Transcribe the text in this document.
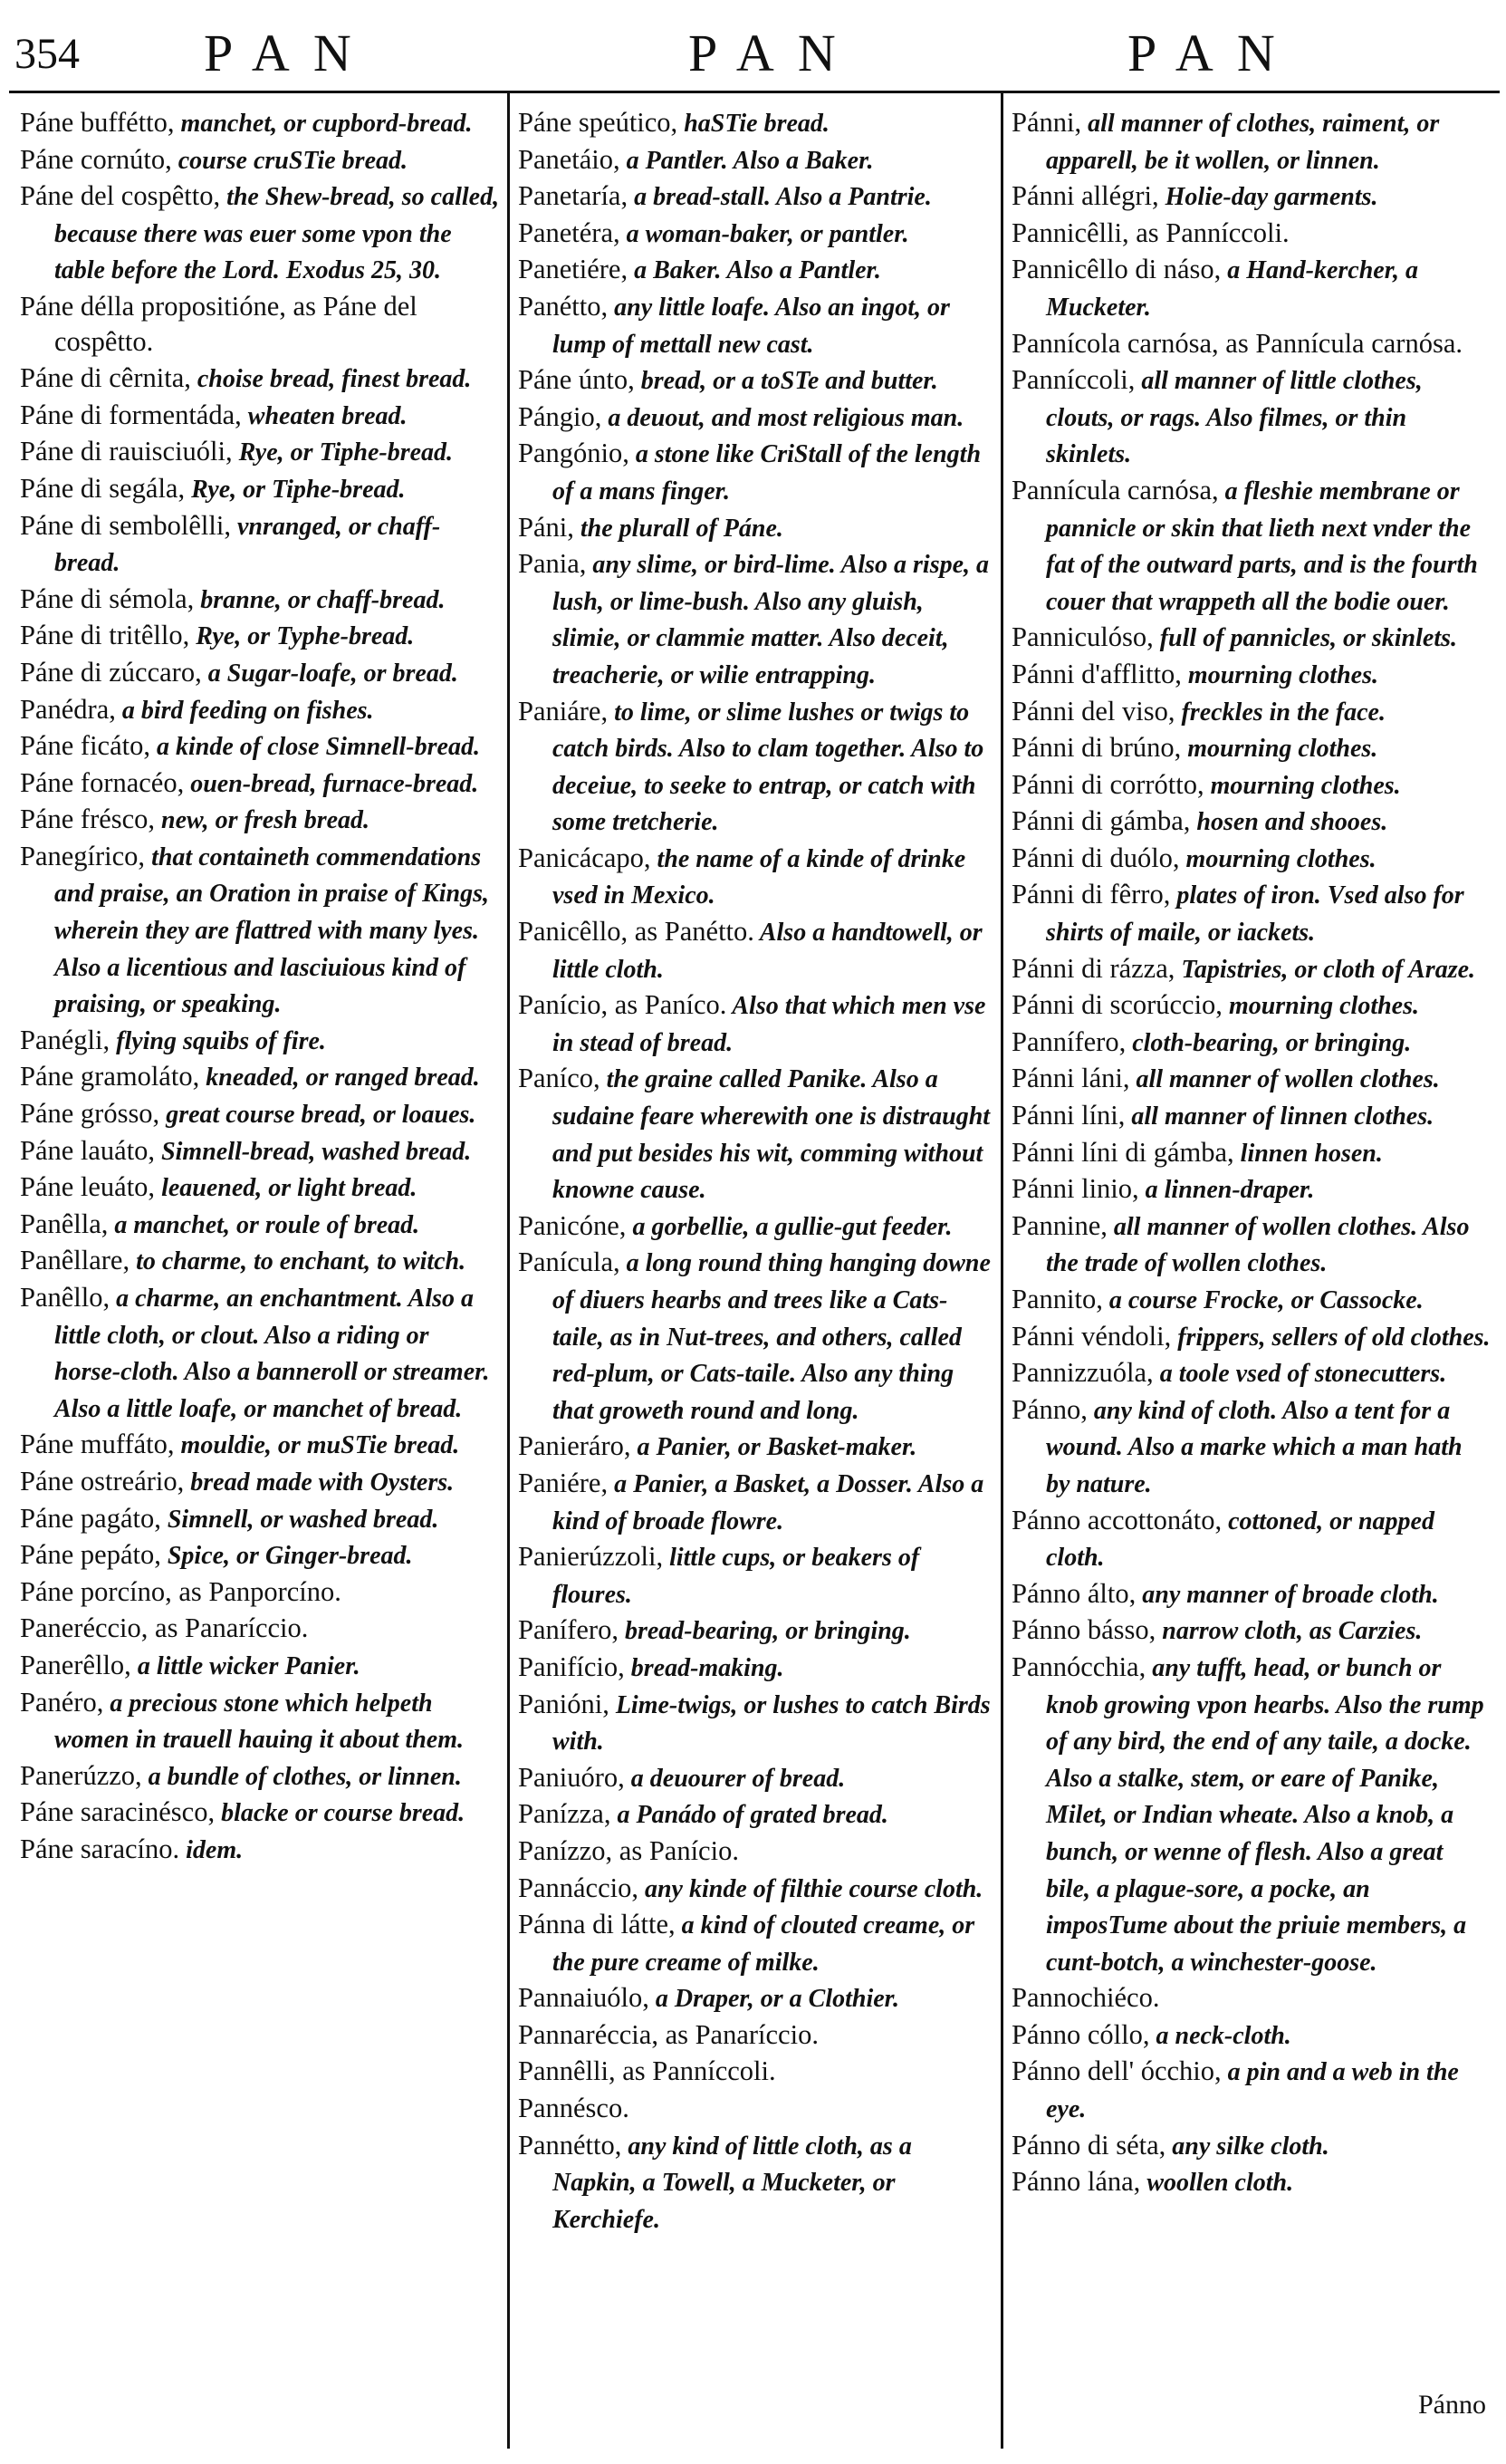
354 PAN	PAN	PAN

Páne buffétto, manchet, or cupbord-bread.

Páne cornúto, course cruSTie bread.

Páne del cospêtto, the Shew-bread, so called, because there was euer some vpon the table before the Lord. Exodus 25, 30.

Páne délla propositióne, as Páne del cospêtto.

Páne di cêrnita, choise bread, finest bread.

Páne di formentáda, wheaten bread.

Páne di rauisciuóli, Rye, or Tiphe-bread.

Páne di segála, Rye, or Tiphe-bread.

Páne di sembolêlli, vnranged, or chaff-bread.

Páne di sémola, branne, or chaff-bread.

Páne di tritêllo, Rye, or Typhe-bread.

Páne di zúccaro, a Sugar-loafe, or bread.

Panédra, a bird feeding on fishes.

Páne ficáto, a kinde of close Simnell-bread.

Páne fornacéo, ouen-bread, furnace-bread.

Páne frésco, new, or fresh bread.

Panegírico, that containeth commendations and praise, an Oration in praise of Kings, wherein they are flattred with many lyes. Also a licentious and lasciuious kind of praising, or speaking.

Panégli, flying squibs of fire.

Páne gramoláto, kneaded, or ranged bread.

Páne grósso, great course bread, or loaues.

Páne lauáto, Simnell-bread, washed bread.

Páne leuáto, leauened, or light bread.

Panêlla, a manchet, or roule of bread.

Panêllare, to charme, to enchant, to witch.

Panêllo, a charme, an enchantment. Also a little cloth, or clout. Also a riding or horse-cloth. Also a banneroll or streamer. Also a little loafe, or manchet of bread.

Páne muffáto, mouldie, or muSTie bread.

Páne ostreário, bread made with Oysters.

Páne pagáto, Simnell, or washed bread.

Páne pepáto, Spice, or Ginger-bread.

Páne porcíno, as Panporcíno.

Paneréccio, as Panaríccio.

Panerêllo, a little wicker Panier.

Panéro, a precious stone which helpeth women in trauell hauing it about them.

Panerúzzo, a bundle of clothes, or linnen.

Páne saracinésco, blacke or course bread.

Páne saracíno. idem.

Páne speútico, haSTie bread.

Panetáio, a Pantler. Also a Baker.

Panetaría, a bread-stall. Also a Pantrie.

Panetéra, a woman-baker, or pantler.

Panetiére, a Baker. Also a Pantler.

Panétto, any little loafe. Also an ingot, or lump of mettall new cast.

Páne únto, bread, or a toSTe and butter.

Pángio, a deuout, and most religious man.

Pangónio, a stone like CriStall of the length of a mans finger.

Páni, the plurall of Páne.

Pania, any slime, or bird-lime. Also a rispe, a lush, or lime-bush. Also any gluish, slimie, or clammie matter. Also deceit, treacherie, or wilie entrapping.

Paniáre, to lime, or slime lushes or twigs to catch birds. Also to clam together. Also to deceiue, to seeke to entrap, or catch with some tretcherie.

Panicácapo, the name of a kinde of drinke vsed in Mexico.

Panicêllo, as Panétto. Also a handtowell, or little cloth.

Panício, as Paníco. Also that which men vse in stead of bread.

Paníco, the graine called Panike. Also a sudaine feare wherewith one is distraught and put besides his wit, comming without knowne cause.

Panicóne, a gorbellie, a gullie-gut feeder.

Panícula, a long round thing hanging downe of diuers hearbs and trees like a Cats-taile, as in Nut-trees, and others, called red-plum, or Cats-taile. Also any thing that groweth round and long.

Panieráro, a Panier, or Basket-maker.

Paniére, a Panier, a Basket, a Dosser. Also a kind of broade flowre.

Panierúzzoli, little cups, or beakers of floures.

Panífero, bread-bearing, or bringing.

Panifício, bread-making.

Panióni, Lime-twigs, or lushes to catch Birds with.

Paniuóro, a deuourer of bread.

Panízza, a Panádo of grated bread.

Panízzo, as Panício.

Pannáccio, any kinde of filthie course cloth.

Pánna di látte, a kind of clouted creame, or the pure creame of milke.

Pannaiuólo, a Draper, or a Clothier.

Pannaréccia, as Panaríccio.

Pannêlli, as Panníccoli.

Pannésco.

Pannétto, any kind of little cloth, as a Napkin, a Towell, a Mucketer, or Kerchiefe.

Pánni, all manner of clothes, raiment, or apparell, be it wollen, or linnen.

Pánni allégri, Holie-day garments.

Pannicêlli, as Panníccoli.

Pannicêllo di náso, a Hand-kercher, a Mucketer.

Pannícola carnósa, as Pannícula carnósa.

Panníccoli, all manner of little clothes, clouts, or rags. Also filmes, or thin skinlets.

Pannícula carnósa, a fleshie membrane or pannicle or skin that lieth next vnder the fat of the outward parts, and is the fourth couer that wrappeth all the bodie ouer.

Panniculóso, full of pannicles, or skinlets.

Pánni d'afflitto, mourning clothes.

Pánni del viso, freckles in the face.

Pánni di brúno, mourning clothes.

Pánni di corrótto, mourning clothes.

Pánni di gámba, hosen and shooes.

Pánni di duólo, mourning clothes.

Pánni di fêrro, plates of iron. Vsed also for shirts of maile, or iackets.

Pánni di rázza, Tapistries, or cloth of Araze.

Pánni di scorúccio, mourning clothes.

Pannífero, cloth-bearing, or bringing.

Pánni láni, all manner of wollen clothes.

Pánni líni, all manner of linnen clothes.

Pánni líni di gámba, linnen hosen.

Pánni linio, a linnen-draper.

Pannine, all manner of wollen clothes. Also the trade of wollen clothes.

Pannito, a course Frocke, or Cassocke.

Pánni véndoli, frippers, sellers of old clothes.

Pannizzuóla, a toole vsed of stonecutters.

Pánno, any kind of cloth. Also a tent for a wound. Also a marke which a man hath by nature.

Pánno accottonáto, cottoned, or napped cloth.

Pánno álto, any manner of broade cloth.

Pánno básso, narrow cloth, as Carzies.

Pannócchia, any tufft, head, or bunch or knob growing vpon hearbs. Also the rump of any bird, the end of any taile, a docke. Also a stalke, stem, or eare of Panike, Milet, or Indian wheate. Also a knob, a bunch, or wenne of flesh. Also a great bile, a plague-sore, a pocke, an imposTume about the priuie members, a cunt-botch, a winchester-goose.

Pannochiéco.

Pánno cóllo, a neck-cloth.

Pánno dell' ócchio, a pin and a web in the eye.

Pánno di séta, any silke cloth.

Pánno lána, woollen cloth.

Pánno
